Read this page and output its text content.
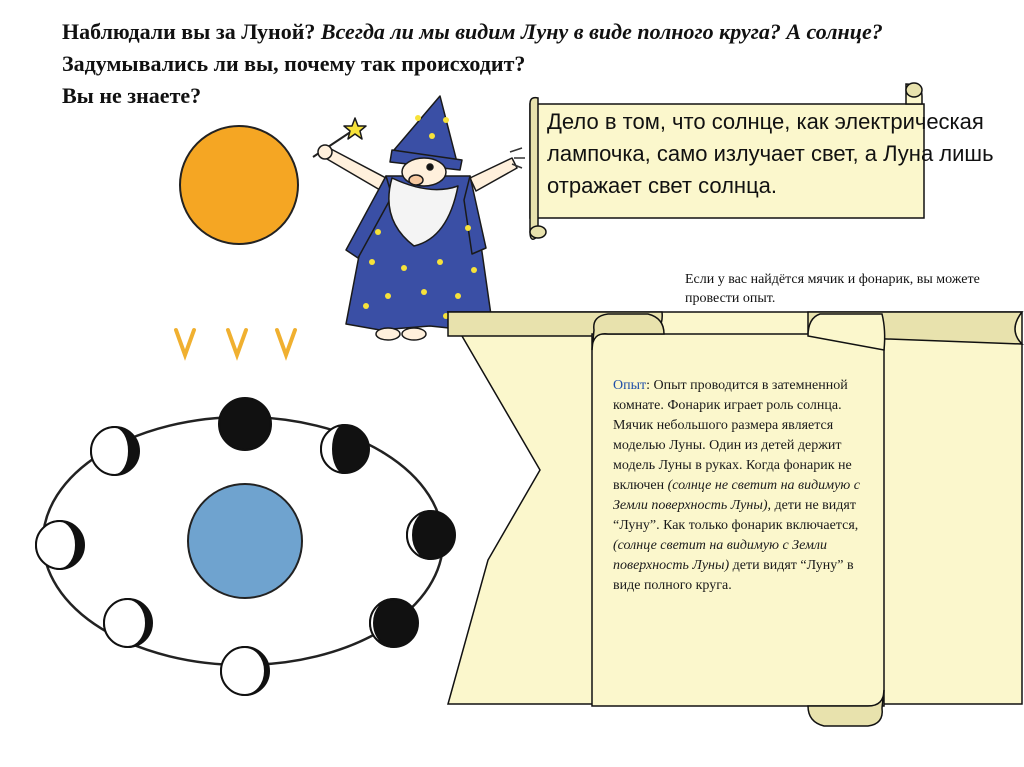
Наблюдали вы за Луной? Всегда ли мы видим Луну в виде полного круга? А солнце? Задумывались ли вы, почему так происходит?
Вы не знаете?
Дело в том, что солнце, как электрическая лампочка, само излучает свет, а Луна лишь отражает свет солнца.
Если у вас найдётся мячик и фонарик, вы можете провести опыт.
Опыт: Опыт проводится в затемненной комнате. Фонарик играет роль солнца. Мячик небольшого размера является моделью Луны. Один из детей держит модель Луны в руках. Когда фонарик не включен (солнце не светит на видимую с Земли поверхность Луны), дети не видят “Луну”. Как только фонарик включается, (солнце светит на видимую с Земли поверхность Луны) дети видят “Луну” в виде полного круга.
